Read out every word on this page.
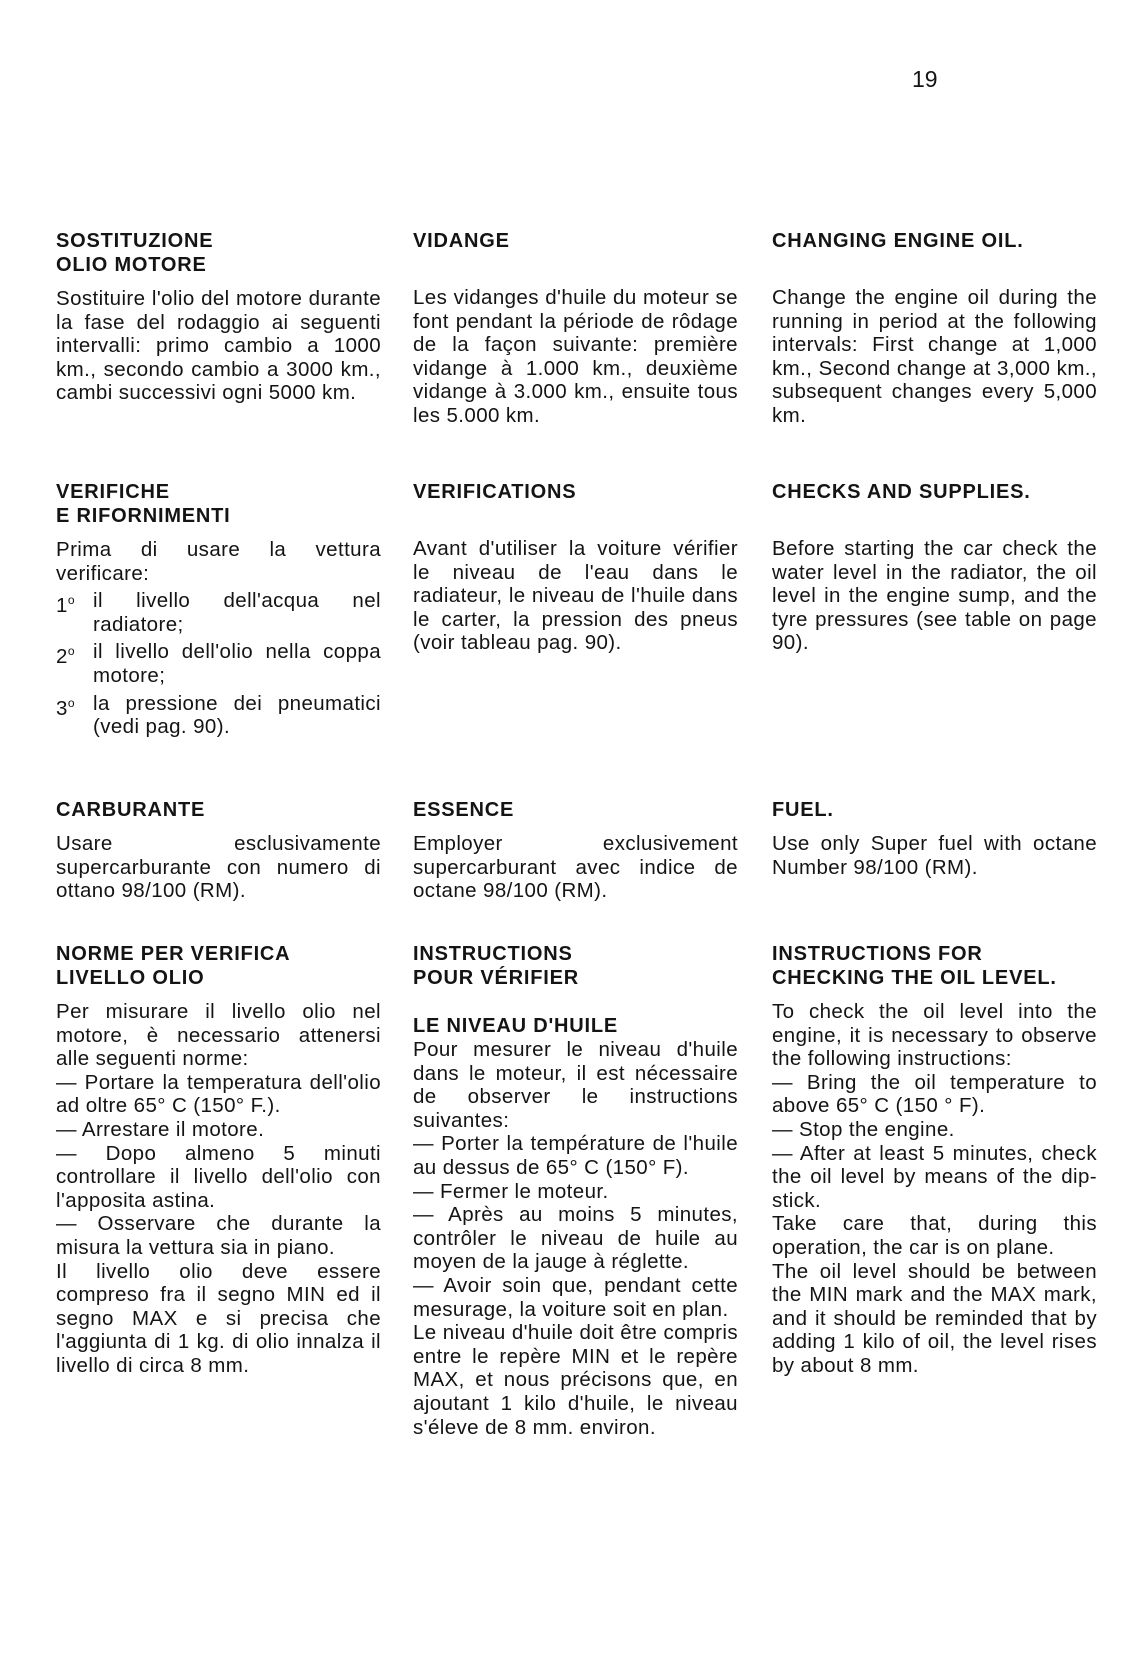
19
SOSTITUZIONE
OLIO MOTORE
Sostituire l'olio del motore durante la fase del rodaggio ai seguenti intervalli: primo cambio a 1000 km., secondo cambio a 3000 km., cambi successivi ogni 5000 km.
VIDANGE
Les vidanges d'huile du moteur se font pendant la période de rôdage de la façon suivante: première vidange à 1.000 km., deuxième vidange à 3.000 km., ensuite tous les 5.000 km.
CHANGING ENGINE OIL.
Change the engine oil during the running in period at the following intervals: First change at 1,000 km., Second change at 3,000 km., subsequent changes every 5,000 km.
VERIFICHE
E RIFORNIMENTI
Prima di usare la vettura verificare:
1$^o$ il livello dell'acqua nel radiatore;
2$^o$ il livello dell'olio nella coppa motore;
3$^o$ la pressione dei pneumatici (vedi pag. 90).
VERIFICATIONS
Avant d'utiliser la voiture vérifier le niveau de l'eau dans le radiateur, le niveau de l'huile dans le carter, la pression des pneus (voir tableau pag. 90).
CHECKS AND SUPPLIES.
Before starting the car check the water level in the radiator, the oil level in the engine sump, and the tyre pressures (see table on page 90).
CARBURANTE
Usare esclusivamente supercarburante con numero di ottano 98/100 (RM).
ESSENCE
Employer exclusivement supercarburant avec indice de octane 98/100 (RM).
FUEL.
Use only Super fuel with octane Number 98/100 (RM).
NORME PER VERIFICA
LIVELLO OLIO
Per misurare il livello olio nel motore, è necessario attenersi alle seguenti norme:
— Portare la temperatura dell'olio ad oltre 65° C (150° F.).
— Arrestare il motore.
— Dopo almeno 5 minuti controllare il livello dell'olio con l'apposita astina.
— Osservare che durante la misura la vettura sia in piano.
Il livello olio deve essere compreso fra il segno MIN ed il segno MAX e si precisa che l'aggiunta di 1 kg. di olio innalza il livello di circa 8 mm.
INSTRUCTIONS
POUR VÉRIFIER

LE NIVEAU D'HUILE
Pour mesurer le niveau d'huile dans le moteur, il est nécessaire de observer le instructions suivantes:
— Porter la température de l'huile au dessus de 65° C (150° F).
— Fermer le moteur.
— Après au moins 5 minutes, contrôler le niveau de huile au moyen de la jauge à réglette.
— Avoir soin que, pendant cette mesurage, la voiture soit en plan.
Le niveau d'huile doit être compris entre le repère MIN et le repère MAX, et nous précisons que, en ajoutant 1 kilo d'huile, le niveau s'éleve de 8 mm. environ.
INSTRUCTIONS FOR
CHECKING THE OIL LEVEL.
To check the oil level into the engine, it is necessary to observe the following instructions:
— Bring the oil temperature to above 65° C (150 ° F).
— Stop the engine.
— After at least 5 minutes, check the oil level by means of the dip-stick.
Take care that, during this operation, the car is on plane.
The oil level should be between the MIN mark and the MAX mark, and it should be reminded that by adding 1 kilo of oil, the level rises by about 8 mm.
